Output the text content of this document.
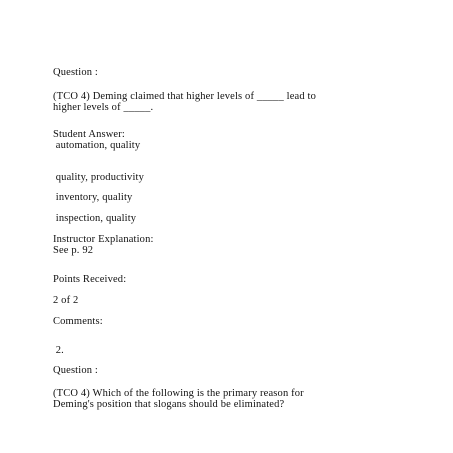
Question :
(TCO 4) Deming claimed that higher levels of _____ lead to
higher levels of _____.
Student Answer:
automation, quality
quality, productivity
inventory, quality
inspection, quality
Instructor Explanation:
See p. 92
Points Received:
2 of 2
Comments:
2.
Question :
(TCO 4) Which of the following is the primary reason for
Deming's position that slogans should be eliminated?
